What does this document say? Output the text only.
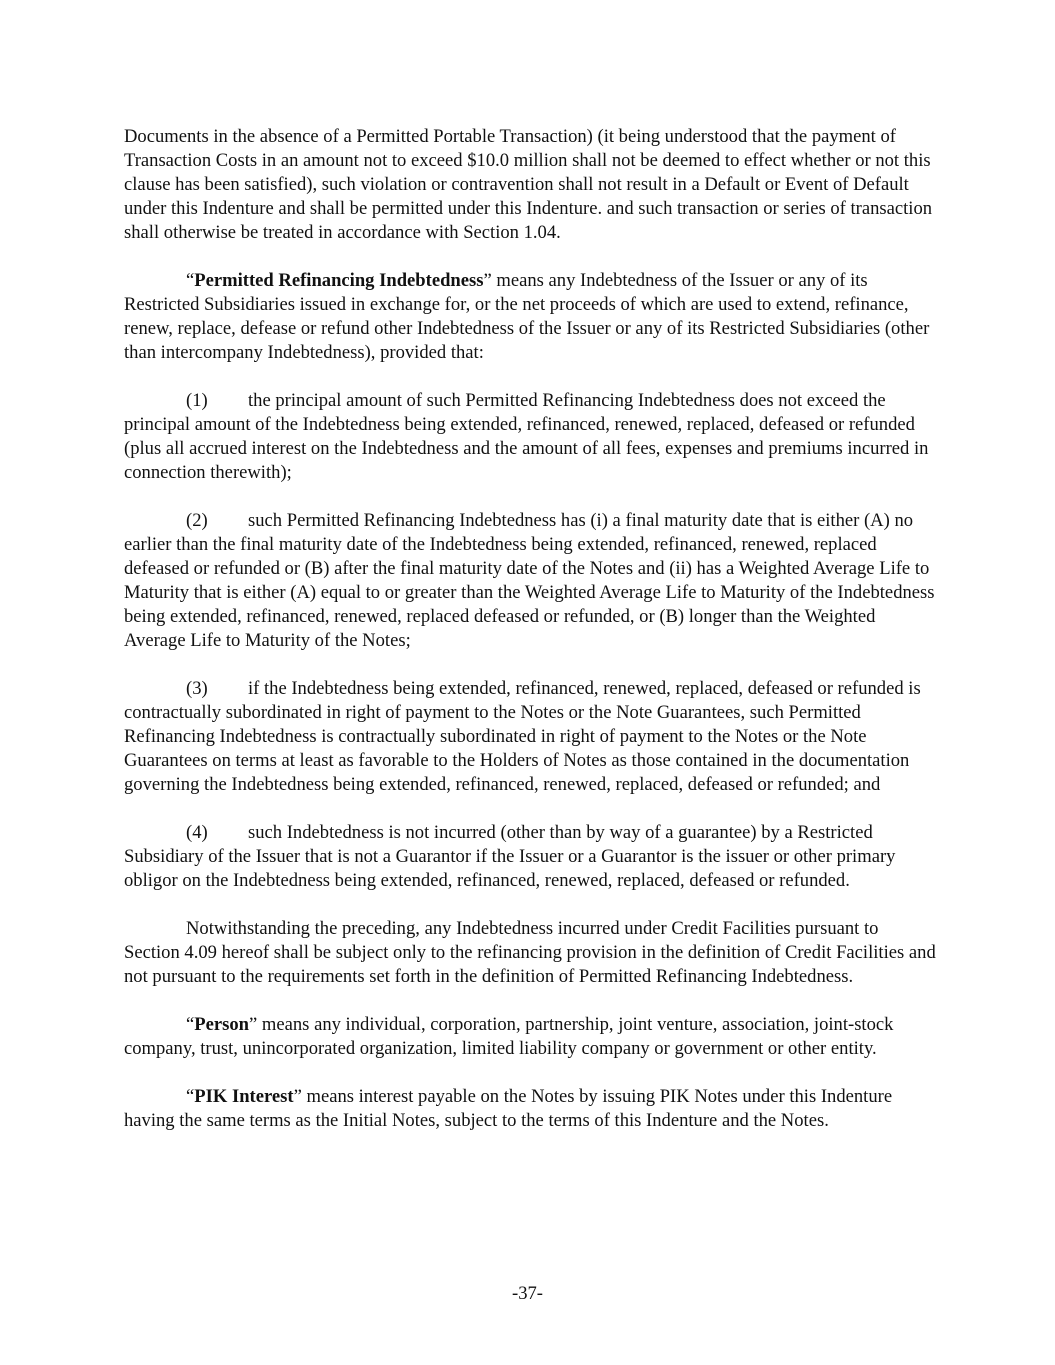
Documents in the absence of a Permitted Portable Transaction) (it being understood that the payment of Transaction Costs in an amount not to exceed $10.0 million shall not be deemed to effect whether or not this clause has been satisfied), such violation or contravention shall not result in a Default or Event of Default under this Indenture and shall be permitted under this Indenture. and such transaction or series of transaction shall otherwise be treated in accordance with Section 1.04.

“Permitted Refinancing Indebtedness” means any Indebtedness of the Issuer or any of its Restricted Subsidiaries issued in exchange for, or the net proceeds of which are used to extend, refinance, renew, replace, defease or refund other Indebtedness of the Issuer or any of its Restricted Subsidiaries (other than intercompany Indebtedness), provided that:

(1) the principal amount of such Permitted Refinancing Indebtedness does not exceed the principal amount of the Indebtedness being extended, refinanced, renewed, replaced, defeased or refunded (plus all accrued interest on the Indebtedness and the amount of all fees, expenses and premiums incurred in connection therewith);

(2) such Permitted Refinancing Indebtedness has (i) a final maturity date that is either (A) no earlier than the final maturity date of the Indebtedness being extended, refinanced, renewed, replaced defeased or refunded or (B) after the final maturity date of the Notes and (ii) has a Weighted Average Life to Maturity that is either (A) equal to or greater than the Weighted Average Life to Maturity of the Indebtedness being extended, refinanced, renewed, replaced defeased or refunded, or (B) longer than the Weighted Average Life to Maturity of the Notes;

(3) if the Indebtedness being extended, refinanced, renewed, replaced, defeased or refunded is contractually subordinated in right of payment to the Notes or the Note Guarantees, such Permitted Refinancing Indebtedness is contractually subordinated in right of payment to the Notes or the Note Guarantees on terms at least as favorable to the Holders of Notes as those contained in the documentation governing the Indebtedness being extended, refinanced, renewed, replaced, defeased or refunded; and

(4) such Indebtedness is not incurred (other than by way of a guarantee) by a Restricted Subsidiary of the Issuer that is not a Guarantor if the Issuer or a Guarantor is the issuer or other primary obligor on the Indebtedness being extended, refinanced, renewed, replaced, defeased or refunded.

Notwithstanding the preceding, any Indebtedness incurred under Credit Facilities pursuant to Section 4.09 hereof shall be subject only to the refinancing provision in the definition of Credit Facilities and not pursuant to the requirements set forth in the definition of Permitted Refinancing Indebtedness.

“Person” means any individual, corporation, partnership, joint venture, association, joint-stock company, trust, unincorporated organization, limited liability company or government or other entity.

“PIK Interest” means interest payable on the Notes by issuing PIK Notes under this Indenture having the same terms as the Initial Notes, subject to the terms of this Indenture and the Notes.

-37-
